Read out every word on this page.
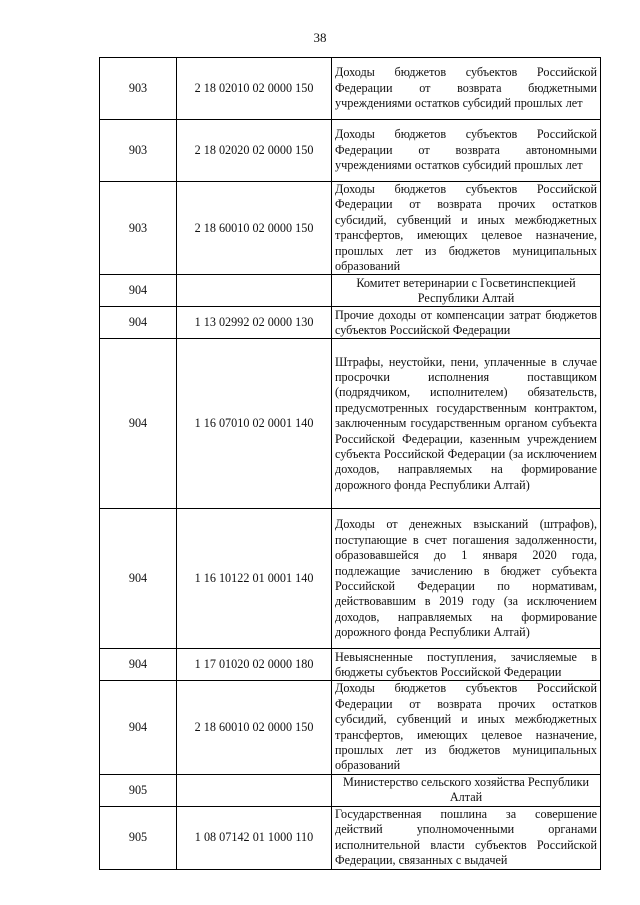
38
903	2 18 02010 02 0000 150	Доходы бюджетов субъектов Российской Федерации от возврата бюджетными учреждениями остатков субсидий прошлых лет
903	2 18 02020 02 0000 150	Доходы бюджетов субъектов Российской Федерации от возврата автономными учреждениями остатков субсидий прошлых лет
903	2 18 60010 02 0000 150	Доходы бюджетов субъектов Российской Федерации от возврата прочих остатков субсидий, субвенций и иных межбюджетных трансфертов, имеющих целевое назначение, прошлых лет из бюджетов муниципальных образований
904		Комитет ветеринарии с Госветинспекцией Республики Алтай
904	1 13 02992 02 0000 130	Прочие доходы от компенсации затрат бюджетов субъектов Российской Федерации
904	1 16 07010 02 0001 140	Штрафы, неустойки, пени, уплаченные в случае просрочки исполнения поставщиком (подрядчиком, исполнителем) обязательств, предусмотренных государственным контрактом, заключенным государственным органом субъекта Российской Федерации, казенным учреждением субъекта Российской Федерации (за исключением доходов, направляемых на формирование дорожного фонда Республики Алтай)
904	1 16 10122 01 0001 140	Доходы от денежных взысканий (штрафов), поступающие в счет погашения задолженности, образовавшейся до 1 января 2020 года, подлежащие зачислению в бюджет субъекта Российской Федерации по нормативам, действовавшим в 2019 году (за исключением доходов, направляемых на формирование дорожного фонда Республики Алтай)
904	1 17 01020 02 0000 180	Невыясненные поступления, зачисляемые в бюджеты субъектов Российской Федерации
904	2 18 60010 02 0000 150	Доходы бюджетов субъектов Российской Федерации от возврата прочих остатков субсидий, субвенций и иных межбюджетных трансфертов, имеющих целевое назначение, прошлых лет из бюджетов муниципальных образований
905		Министерство сельского хозяйства Республики Алтай
905	1 08 07142 01 1000 110	Государственная пошлина за совершение действий уполномоченными органами исполнительной власти субъектов Российской Федерации, связанных с выдачей
